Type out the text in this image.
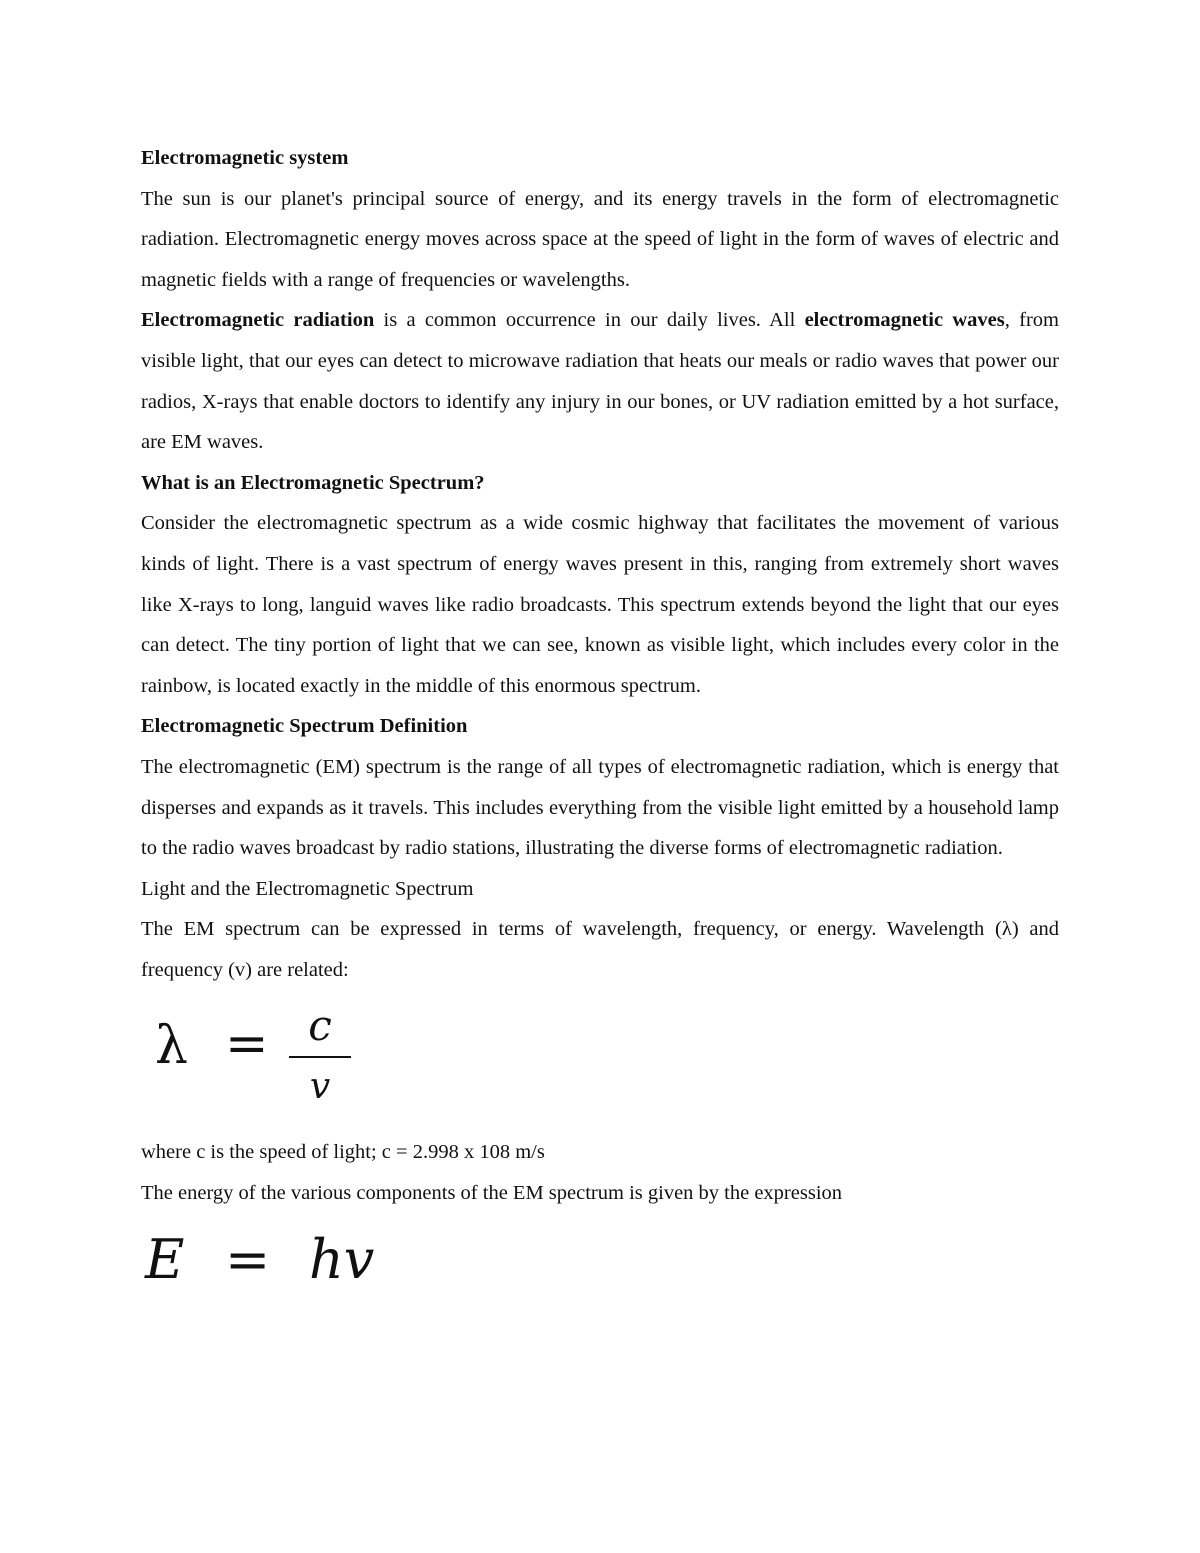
Electromagnetic system

The sun is our planet's principal source of energy, and its energy travels in the form of electromagnetic radiation. Electromagnetic energy moves across space at the speed of light in the form of waves of electric and magnetic fields with a range of frequencies or wavelengths.

Electromagnetic radiation is a common occurrence in our daily lives. All electromagnetic waves, from visible light, that our eyes can detect to microwave radiation that heats our meals or radio waves that power our radios, X-rays that enable doctors to identify any injury in our bones, or UV radiation emitted by a hot surface, are EM waves.

What is an Electromagnetic Spectrum?

Consider the electromagnetic spectrum as a wide cosmic highway that facilitates the movement of various kinds of light. There is a vast spectrum of energy waves present in this, ranging from extremely short waves like X-rays to long, languid waves like radio broadcasts. This spectrum extends beyond the light that our eyes can detect. The tiny portion of light that we can see, known as visible light, which includes every color in the rainbow, is located exactly in the middle of this enormous spectrum.

Electromagnetic Spectrum Definition

The electromagnetic (EM) spectrum is the range of all types of electromagnetic radiation, which is energy that disperses and expands as it travels. This includes everything from the visible light emitted by a household lamp to the radio waves broadcast by radio stations, illustrating the diverse forms of electromagnetic radiation.

Light and the Electromagnetic Spectrum

The EM spectrum can be expressed in terms of wavelength, frequency, or energy. Wavelength (λ) and frequency (v) are related:

λ = c
v

where c is the speed of light; c = 2.998 x 108 m/s

The energy of the various components of the EM spectrum is given by the expression

E = hv
